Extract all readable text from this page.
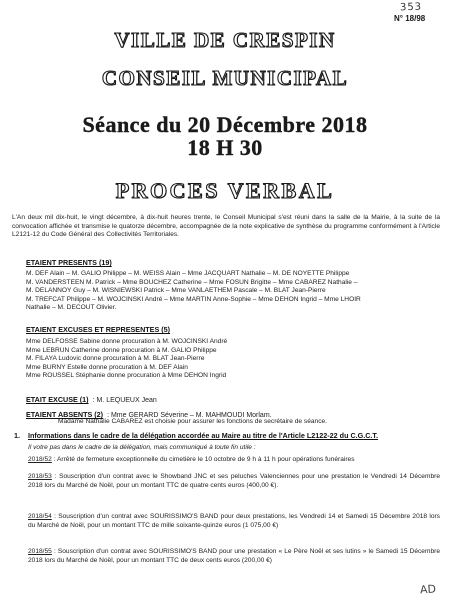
353
N° 18/98
VILLE DE CRESPIN
CONSEIL MUNICIPAL
Séance du 20 Décembre 2018
18 H 30
PROCES VERBAL
L'An deux mil dix-huit, le vingt décembre, à dix-huit heures trente, le Conseil Municipal s'est réuni dans la salle de la Mairie, à la suite de la convocation affichée et transmise le quatorze décembre, accompagnée de la note explicative de synthèse du programme conformément à l'Article L2121-12 du Code Général des Collectivités Territoriales.
ETAIENT PRESENTS (19)
M. DEF Alain – M. GALIO Philippe – M. WEISS Alain – Mme JACQUART Nathalie – M. DE NOYETTE Philippe
M. VANDERSTEEN M. Patrick – Mme BOUCHEZ Catherine – Mme FOSUN Brigitte – Mme CABAREZ Nathalie –
M. DELANNOY Guy – M. WISNIEWSKI Patrick – Mme VANLAETHEM Pascale – M. BLAT Jean-Pierre
M. TREFCAT Philippe – M. WOJCINSKI André – Mme MARTIN Anne-Sophie – Mme DEHON Ingrid – Mme LHOIR
Nathalie – M. DECOUT Olivier.
ETAIENT EXCUSES ET REPRESENTES (5)
Mme DELFOSSE Sabine donne procuration à M. WOJCINSKI André
Mme LEBRUN Catherine donne procuration à M. GALIO Philippe
M. FILAYA Ludovic donne procuration à M. BLAT Jean-Pierre
Mme BURNY Estelle donne procuration à M. DEF Alain
Mme ROUSSEL Stéphanie donne procuration à Mme DEHON Ingrid
ETAIT EXCUSE (1) : M. LEQUEUX Jean
ETAIENT ABSENTS (2) : Mme GERARD Séverine – M. MAHMOUDI Morlam.
Madame Nathalie CABAREZ est choisie pour assurer les fonctions de secrétaire de séance.
1. Informations dans le cadre de la délégation accordée au Maire au titre de l'Article L2122-22 du C.G.C.T.
Il votre pas dans le cadre de la délégation, mais communiqué à toute fin utile :
2018/52 : Arrêté de fermeture exceptionnelle du cimetière le 10 octobre de 9 h à 11 h pour opérations funéraires
2018/53 : Souscription d'un contrat avec le Showband JNC et ses peluches Valenciennes pour une prestation le Vendredi 14 Décembre 2018 lors du Marché de Noël, pour un montant TTC de quatre cents euros (400,00 €).
2018/54 : Souscription d'un contrat avec SOURISSIMO'S BAND pour deux prestations, les Vendredi 14 et Samedi 15 Décembre 2018 lors du Marché de Noël, pour un montant TTC de mille soixante-quinze euros (1 075,00 €)
2018/55 : Souscription d'un contrat avec SOURISSIMO'S BAND pour une prestation « Le Père Noël et ses lutins » le Samedi 15 Décembre 2018 lors du Marché de Noël, pour un montant TTC de deux cents euros (200,00 €)
AD
